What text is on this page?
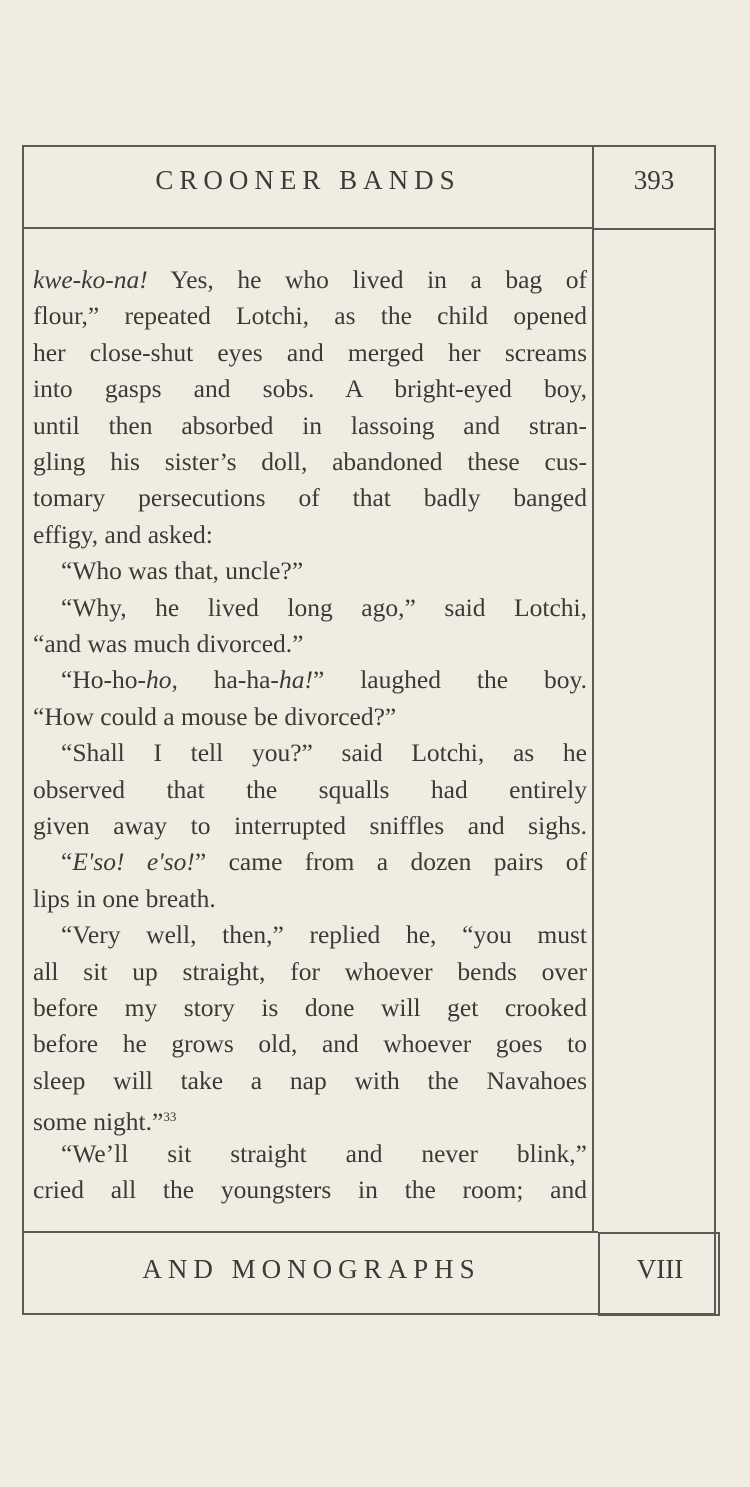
CROONER BANDS	393
kwe-ko-na! Yes, he who lived in a bag of
flour,” repeated Lotchi, as the child opened
her close-shut eyes and merged her screams
into gasps and sobs. A bright-eyed boy,
until then absorbed in lassoing and stran-
gling his sister’s doll, abandoned these cus-
tomary persecutions of that badly banged
effigy, and asked:
“Who was that, uncle?”
“Why, he lived long ago,” said Lotchi,
“and was much divorced.”
“Ho-ho-ho, ha-ha-ha!” laughed the boy.
“How could a mouse be divorced?”
“Shall I tell you?” said Lotchi, as he
observed that the squalls had entirely
given away to interrupted sniffles and sighs.
“E'so! e'so!” came from a dozen pairs of
lips in one breath.
“Very well, then,” replied he, “you must
all sit up straight, for whoever bends over
before my story is done will get crooked
before he grows old, and whoever goes to
sleep will take a nap with the Navahoes
some night.”$^{33}$
“We’ll sit straight and never blink,”
cried all the youngsters in the room; and
AND MONOGRAPHS	VIII
